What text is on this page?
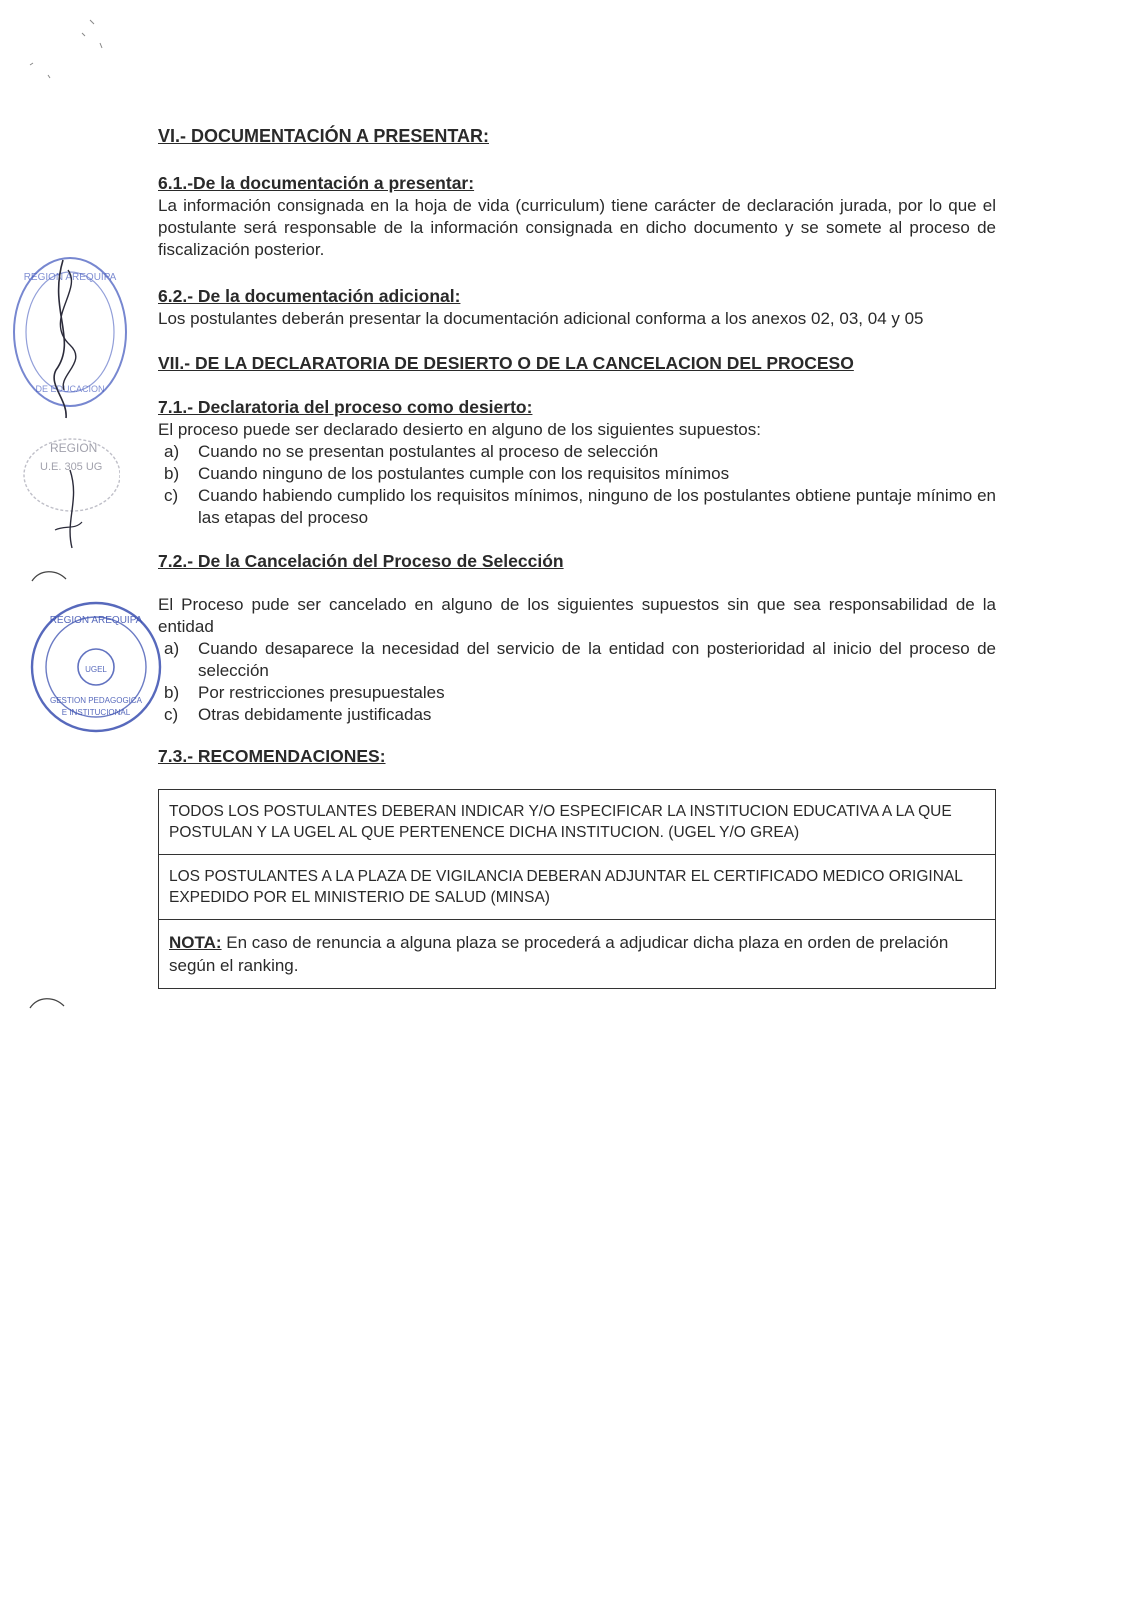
REGION AREQUIPA
DE EDUCACION
REGION
U.E. 305 UG
REGION AREQUIPA
UGEL
GESTION PEDAGOGICA
E INSTITUCIONAL

VI.- DOCUMENTACIÓN A PRESENTAR:

6.1.-De la documentación a presentar:

La información consignada en la hoja de vida (curriculum) tiene carácter de declaración jurada, por lo que el postulante será responsable de la información consignada en dicho documento y se somete al proceso de fiscalización posterior.

6.2.- De la documentación adicional:

Los postulantes deberán presentar la documentación adicional conforma a los anexos 02, 03, 04 y 05

VII.- DE LA DECLARATORIA DE DESIERTO O DE LA CANCELACION DEL PROCESO

7.1.- Declaratoria del proceso como desierto:

El proceso puede ser declarado desierto en alguno de los siguientes supuestos:

a)	Cuando no se presentan postulantes al proceso de selección
b)	Cuando ninguno de los postulantes cumple con los requisitos mínimos
c)	Cuando habiendo cumplido los requisitos mínimos, ninguno de los postulantes obtiene puntaje mínimo en las etapas del proceso

7.2.- De la Cancelación del Proceso de Selección

El Proceso pude ser cancelado en alguno de los siguientes supuestos sin que sea responsabilidad de la entidad

a)	Cuando desaparece la necesidad del servicio de la entidad con posterioridad al inicio del proceso de selección
b)	Por restricciones presupuestales
c)	Otras debidamente justificadas

7.3.- RECOMENDACIONES:

TODOS LOS POSTULANTES DEBERAN INDICAR Y/O ESPECIFICAR LA INSTITUCION EDUCATIVA A LA QUE POSTULAN Y LA UGEL AL QUE PERTENENCE DICHA INSTITUCION. (UGEL Y/O GREA)
LOS POSTULANTES A LA PLAZA DE VIGILANCIA DEBERAN ADJUNTAR EL CERTIFICADO MEDICO ORIGINAL EXPEDIDO POR EL MINISTERIO DE SALUD (MINSA)
NOTA: En caso de renuncia a alguna plaza se procederá a adjudicar dicha plaza en orden de prelación según el ranking.
